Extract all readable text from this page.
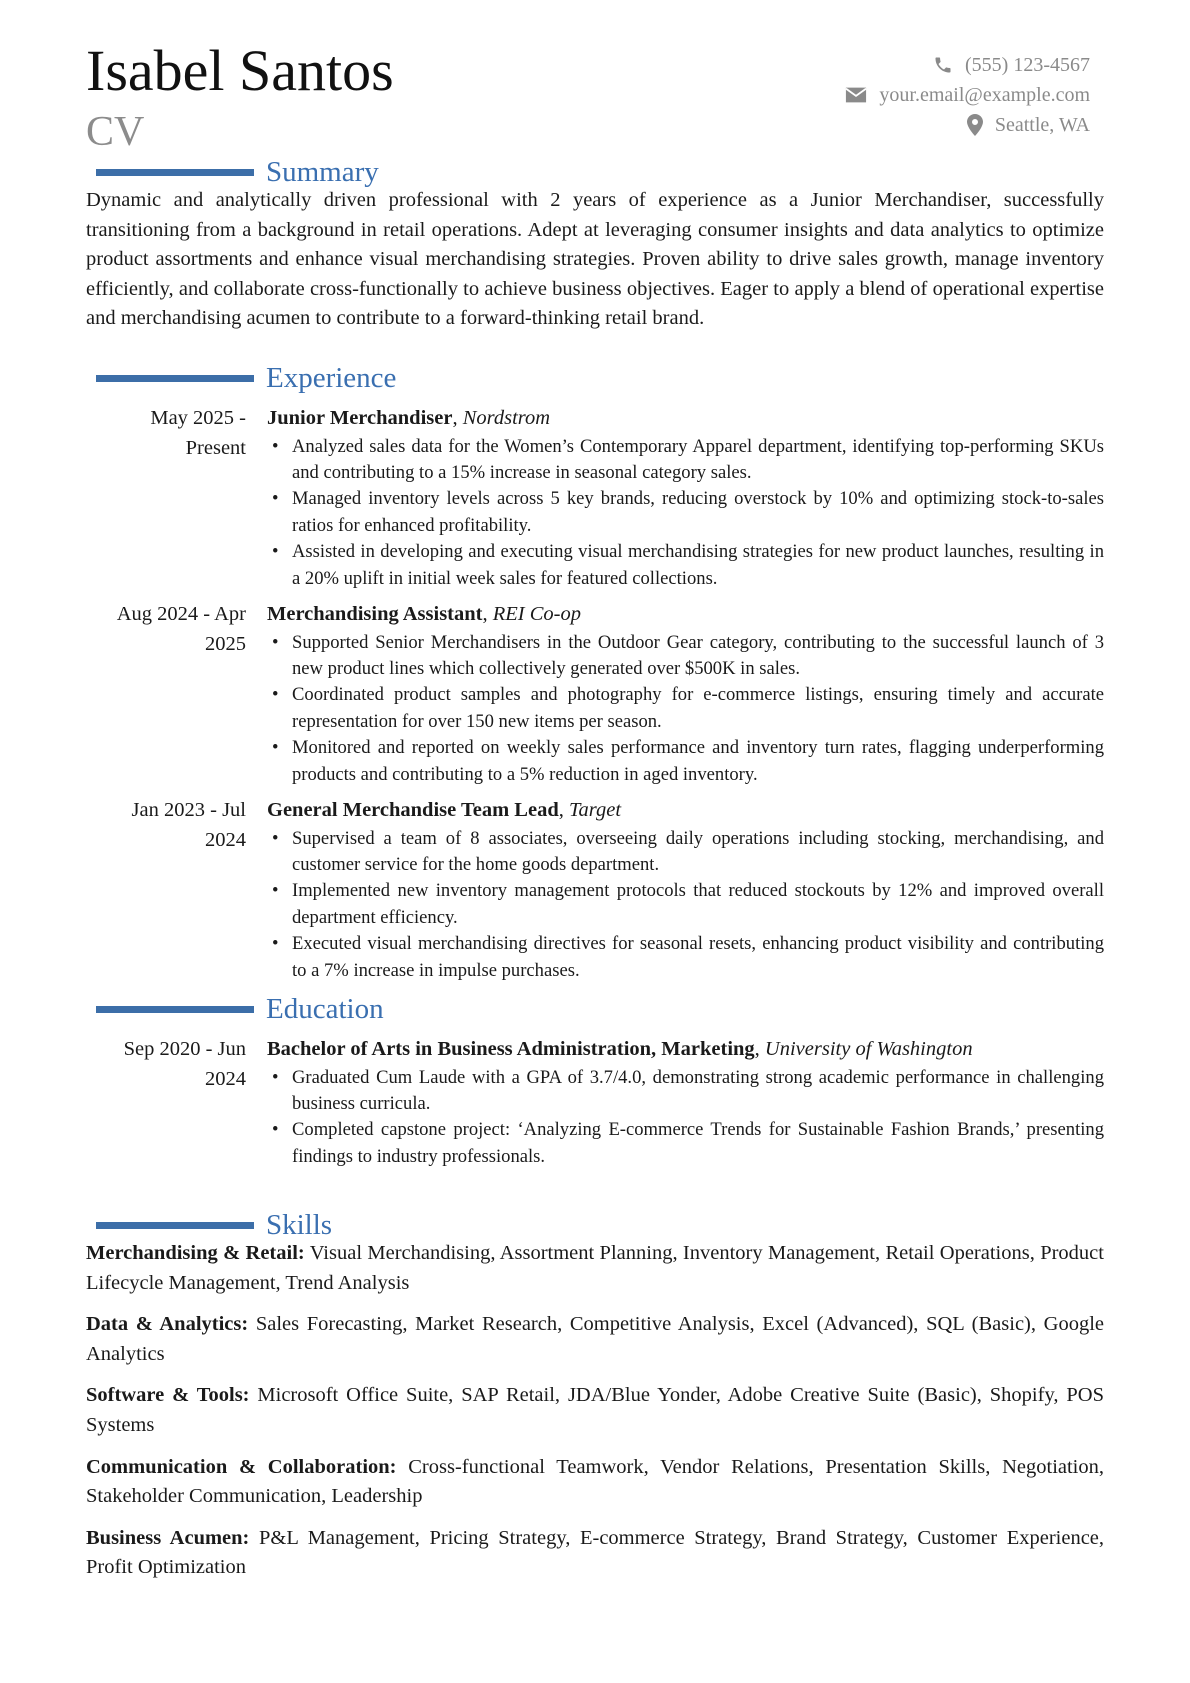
Isabel Santos
CV
(555) 123-4567
your.email@example.com
Seattle, WA
Summary
Dynamic and analytically driven professional with 2 years of experience as a Junior Merchandiser, successfully transitioning from a background in retail operations. Adept at leveraging consumer insights and data analytics to optimize product assortments and enhance visual merchandising strategies. Proven ability to drive sales growth, manage inventory efficiently, and collaborate cross-functionally to achieve business objectives. Eager to apply a blend of operational expertise and merchandising acumen to contribute to a forward-thinking retail brand.
Experience
May 2025 -
Present
Junior Merchandiser, Nordstrom
• Analyzed sales data for the Women’s Contemporary Apparel department, identifying top-performing SKUs and contributing to a 15% increase in seasonal category sales.
• Managed inventory levels across 5 key brands, reducing overstock by 10% and optimizing stock-to-sales ratios for enhanced profitability.
• Assisted in developing and executing visual merchandising strategies for new product launches, resulting in a 20% uplift in initial week sales for featured collections.
Aug 2024 - Apr
2025
Merchandising Assistant, REI Co-op
• Supported Senior Merchandisers in the Outdoor Gear category, contributing to the successful launch of 3 new product lines which collectively generated over $500K in sales.
• Coordinated product samples and photography for e-commerce listings, ensuring timely and accurate representation for over 150 new items per season.
• Monitored and reported on weekly sales performance and inventory turn rates, flagging underperforming products and contributing to a 5% reduction in aged inventory.
Jan 2023 - Jul
2024
General Merchandise Team Lead, Target
• Supervised a team of 8 associates, overseeing daily operations including stocking, merchandising, and customer service for the home goods department.
• Implemented new inventory management protocols that reduced stockouts by 12% and improved overall department efficiency.
• Executed visual merchandising directives for seasonal resets, enhancing product visibility and contributing to a 7% increase in impulse purchases.
Education
Sep 2020 - Jun
2024
Bachelor of Arts in Business Administration, Marketing, University of Washington
• Graduated Cum Laude with a GPA of 3.7/4.0, demonstrating strong academic performance in challenging business curricula.
• Completed capstone project: ‘Analyzing E-commerce Trends for Sustainable Fashion Brands,’ presenting findings to industry professionals.
Skills
Merchandising & Retail: Visual Merchandising, Assortment Planning, Inventory Management, Retail Operations, Product Lifecycle Management, Trend Analysis
Data & Analytics: Sales Forecasting, Market Research, Competitive Analysis, Excel (Advanced), SQL (Basic), Google Analytics
Software & Tools: Microsoft Office Suite, SAP Retail, JDA/Blue Yonder, Adobe Creative Suite (Basic), Shopify, POS Systems
Communication & Collaboration: Cross-functional Teamwork, Vendor Relations, Presentation Skills, Negotiation, Stakeholder Communication, Leadership
Business Acumen: P&L Management, Pricing Strategy, E-commerce Strategy, Brand Strategy, Customer Experience, Profit Optimization
